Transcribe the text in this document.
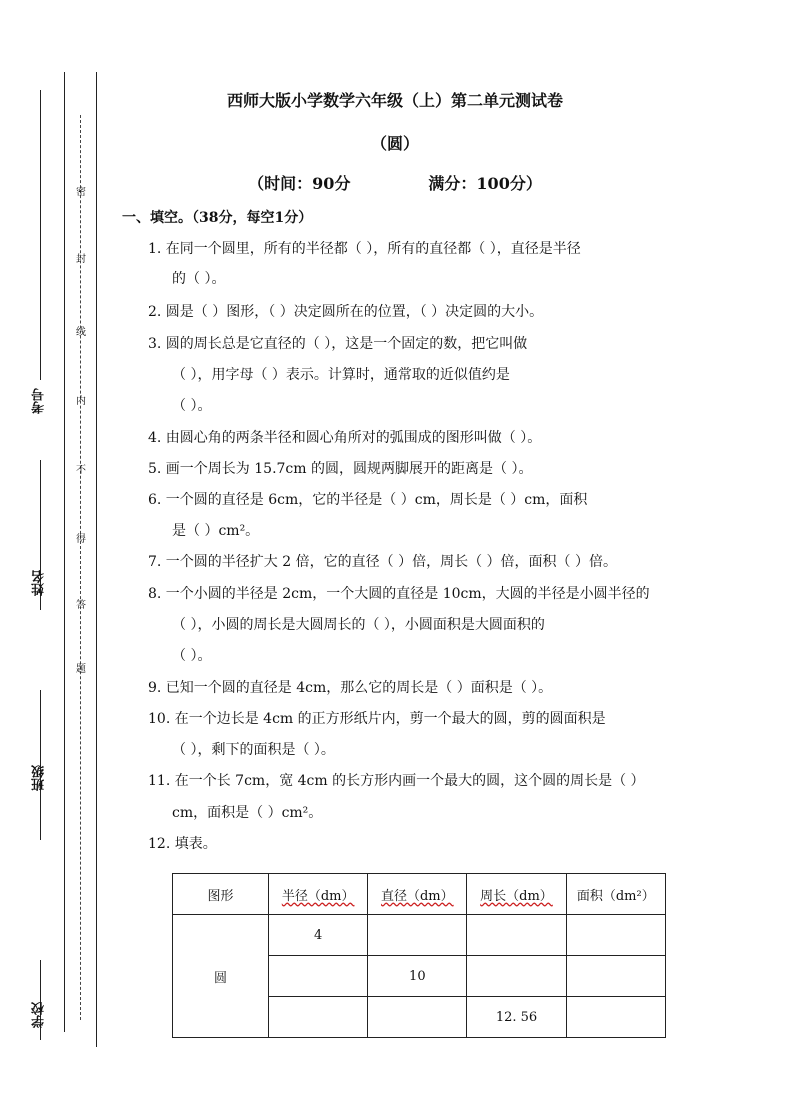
学校
班级
姓名
考号
密
封
线
内
不
得
答
题
西师大版小学数学六年级（上）第二单元测试卷
（圆）
（时间：90分              满分：100分）
一、填空。（38分，每空1分）
1. 在同一个圆里，所有的半径都（ ），所有的直径都（ ），直径是半径
的（ ）。
2. 圆是（ ）图形，（ ）决定圆所在的位置，（ ）决定圆的大小。
3. 圆的周长总是它直径的（ ），这是一个固定的数，把它叫做
（ ），用字母（ ）表示。计算时，通常取的近似值约是
（ ）。
4. 由圆心角的两条半径和圆心角所对的弧围成的图形叫做（ ）。
5. 画一个周长为 15.7cm 的圆，圆规两脚展开的距离是（ ）。
6. 一个圆的直径是 6cm，它的半径是（ ）cm，周长是（ ）cm，面积
是（ ）cm²。
7. 一个圆的半径扩大 2 倍，它的直径（ ）倍，周长（ ）倍，面积（ ）倍。
8. 一个小圆的半径是 2cm，一个大圆的直径是 10cm，大圆的半径是小圆半径的
（ ），小圆的周长是大圆周长的（ ），小圆面积是大圆面积的
（ ）。
9. 已知一个圆的直径是 4cm，那么它的周长是（ ）面积是（ ）。
10. 在一个边长是 4cm 的正方形纸片内，剪一个最大的圆，剪的圆面积是
（ ），剩下的面积是（ ）。
11. 在一个长 7cm，宽 4cm 的长方形内画一个最大的圆，这个圆的周长是（ ）
cm，面积是（ ）cm²。
12. 填表。
图形	半径（dm）	直径（dm）	周长（dm）	面积（dm²）
圆	4			
		10		
			12. 56	
